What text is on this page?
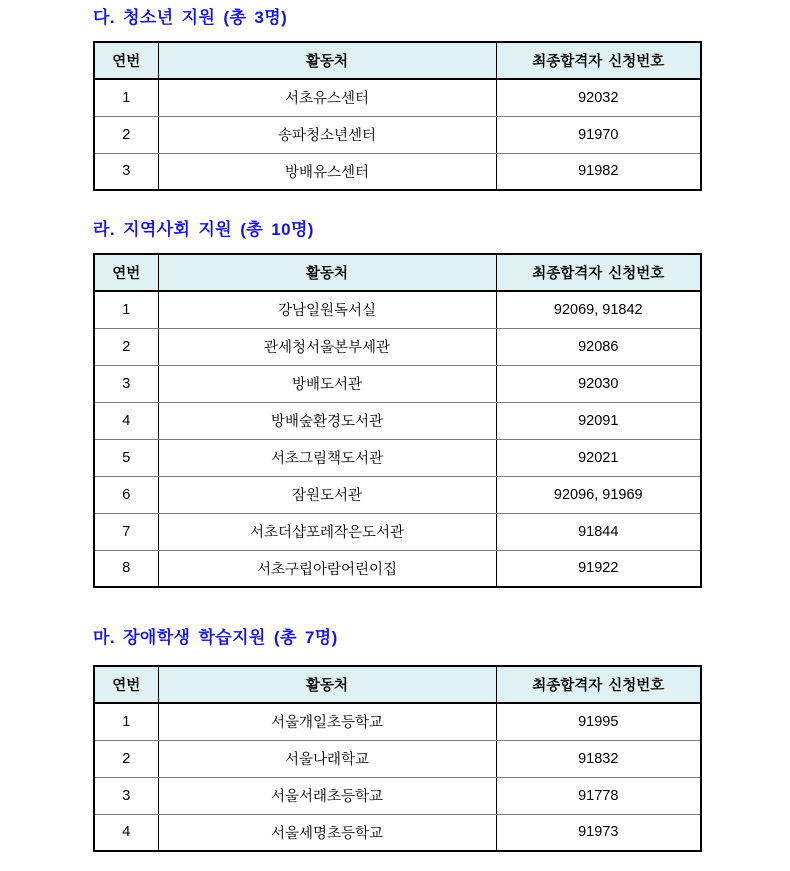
다. 청소년 지원 (총 3명)
연번	활동처	최종합격자 신청번호
1	서초유스센터	92032
2	송파청소년센터	91970
3	방배유스센터	91982
라. 지역사회 지원 (총 10명)
연번	활동처	최종합격자 신청번호
1	강남일원독서실	92069, 91842
2	관세청서울본부세관	92086
3	방배도서관	92030
4	방배숲환경도서관	92091
5	서초그림책도서관	92021
6	잠원도서관	92096, 91969
7	서초더샵포레작은도서관	91844
8	서초구립아람어린이집	91922
마. 장애학생 학습지원 (총 7명)
연번	활동처	최종합격자 신청번호
1	서울개일초등학교	91995
2	서울나래학교	91832
3	서울서래초등학교	91778
4	서울세명초등학교	91973
